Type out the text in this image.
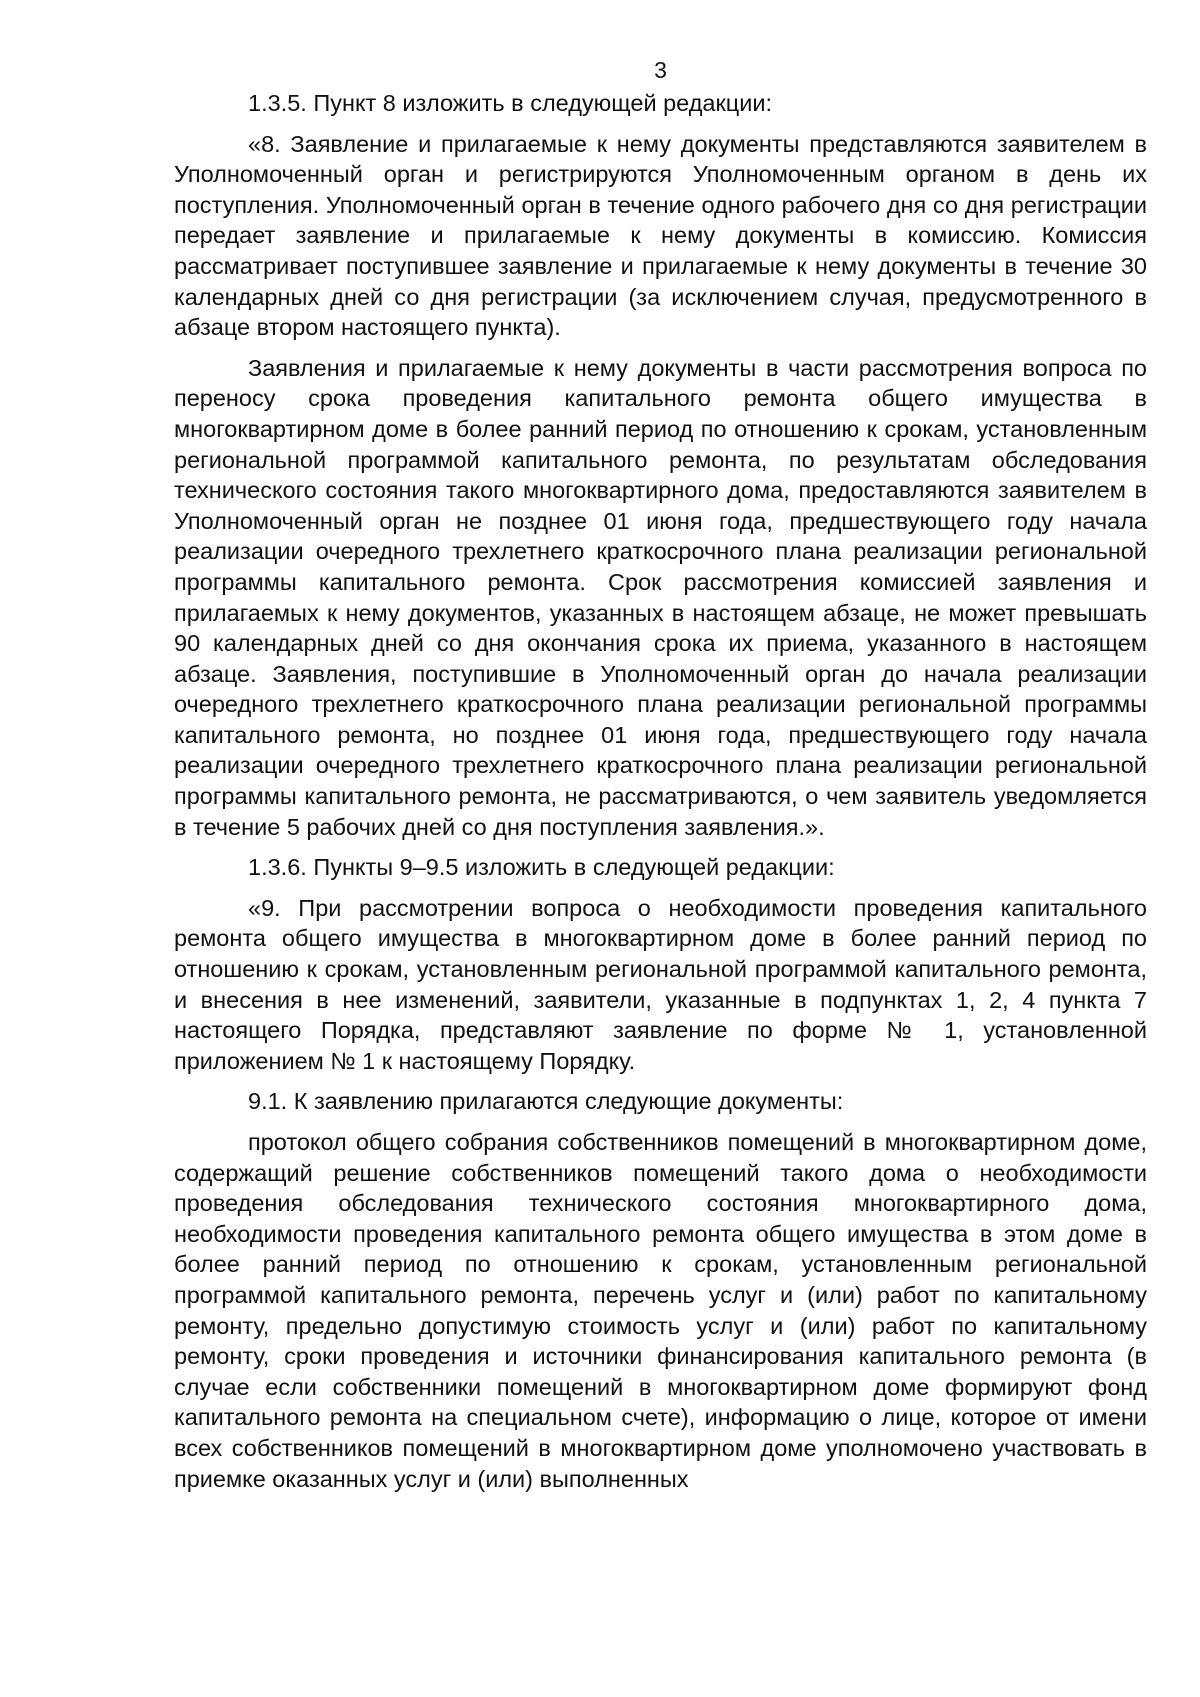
3

1.3.5. Пункт 8 изложить в следующей редакции:

«8. Заявление и прилагаемые к нему документы представляются заявителем в Уполномоченный орган и регистрируются Уполномоченным органом в день их поступления. Уполномоченный орган в течение одного рабочего дня со дня регистрации передает заявление и прилагаемые к нему документы в комиссию. Комиссия рассматривает поступившее заявление и прилагаемые к нему документы в течение 30 календарных дней со дня регистрации (за исключением случая, предусмотренного в абзаце втором настоящего пункта).

Заявления и прилагаемые к нему документы в части рассмотрения вопроса по переносу срока проведения капитального ремонта общего имущества в многоквартирном доме в более ранний период по отношению к срокам, установленным региональной программой капитального ремонта, по результатам обследования технического состояния такого многоквартирного дома, предоставляются заявителем в Уполномоченный орган не позднее 01 июня года, предшествующего году начала реализации очередного трехлетнего краткосрочного плана реализации региональной программы капитального ремонта. Срок рассмотрения комиссией заявления и прилагаемых к нему документов, указанных в настоящем абзаце, не может превышать 90 календарных дней со дня окончания срока их приема, указанного в настоящем абзаце. Заявления, поступившие в Уполномоченный орган до начала реализации очередного трехлетнего краткосрочного плана реализации региональной программы капитального ремонта, но позднее 01 июня года, предшествующего году начала реализации очередного трехлетнего краткосрочного плана реализации региональной программы капитального ремонта, не рассматриваются, о чем заявитель уведомляется в течение 5 рабочих дней со дня поступления заявления.».

1.3.6. Пункты 9–9.5 изложить в следующей редакции:

«9. При рассмотрении вопроса о необходимости проведения капитального ремонта общего имущества в многоквартирном доме в более ранний период по отношению к срокам, установленным региональной программой капитального ремонта, и внесения в нее изменений, заявители, указанные в подпунктах 1, 2, 4 пункта 7 настоящего Порядка, представляют заявление по форме № 1, установленной приложением № 1 к настоящему Порядку.

9.1. К заявлению прилагаются следующие документы:

протокол общего собрания собственников помещений в многоквартирном доме, содержащий решение собственников помещений такого дома о необходимости проведения обследования технического состояния многоквартирного дома, необходимости проведения капитального ремонта общего имущества в этом доме в более ранний период по отношению к срокам, установленным региональной программой капитального ремонта, перечень услуг и (или) работ по капитальному ремонту, предельно допустимую стоимость услуг и (или) работ по капитальному ремонту, сроки проведения и источники финансирования капитального ремонта (в случае если собственники помещений в многоквартирном доме формируют фонд капитального ремонта на специальном счете), информацию о лице, которое от имени всех собственников помещений в многоквартирном доме уполномочено участвовать в приемке оказанных услуг и (или) выполненных
